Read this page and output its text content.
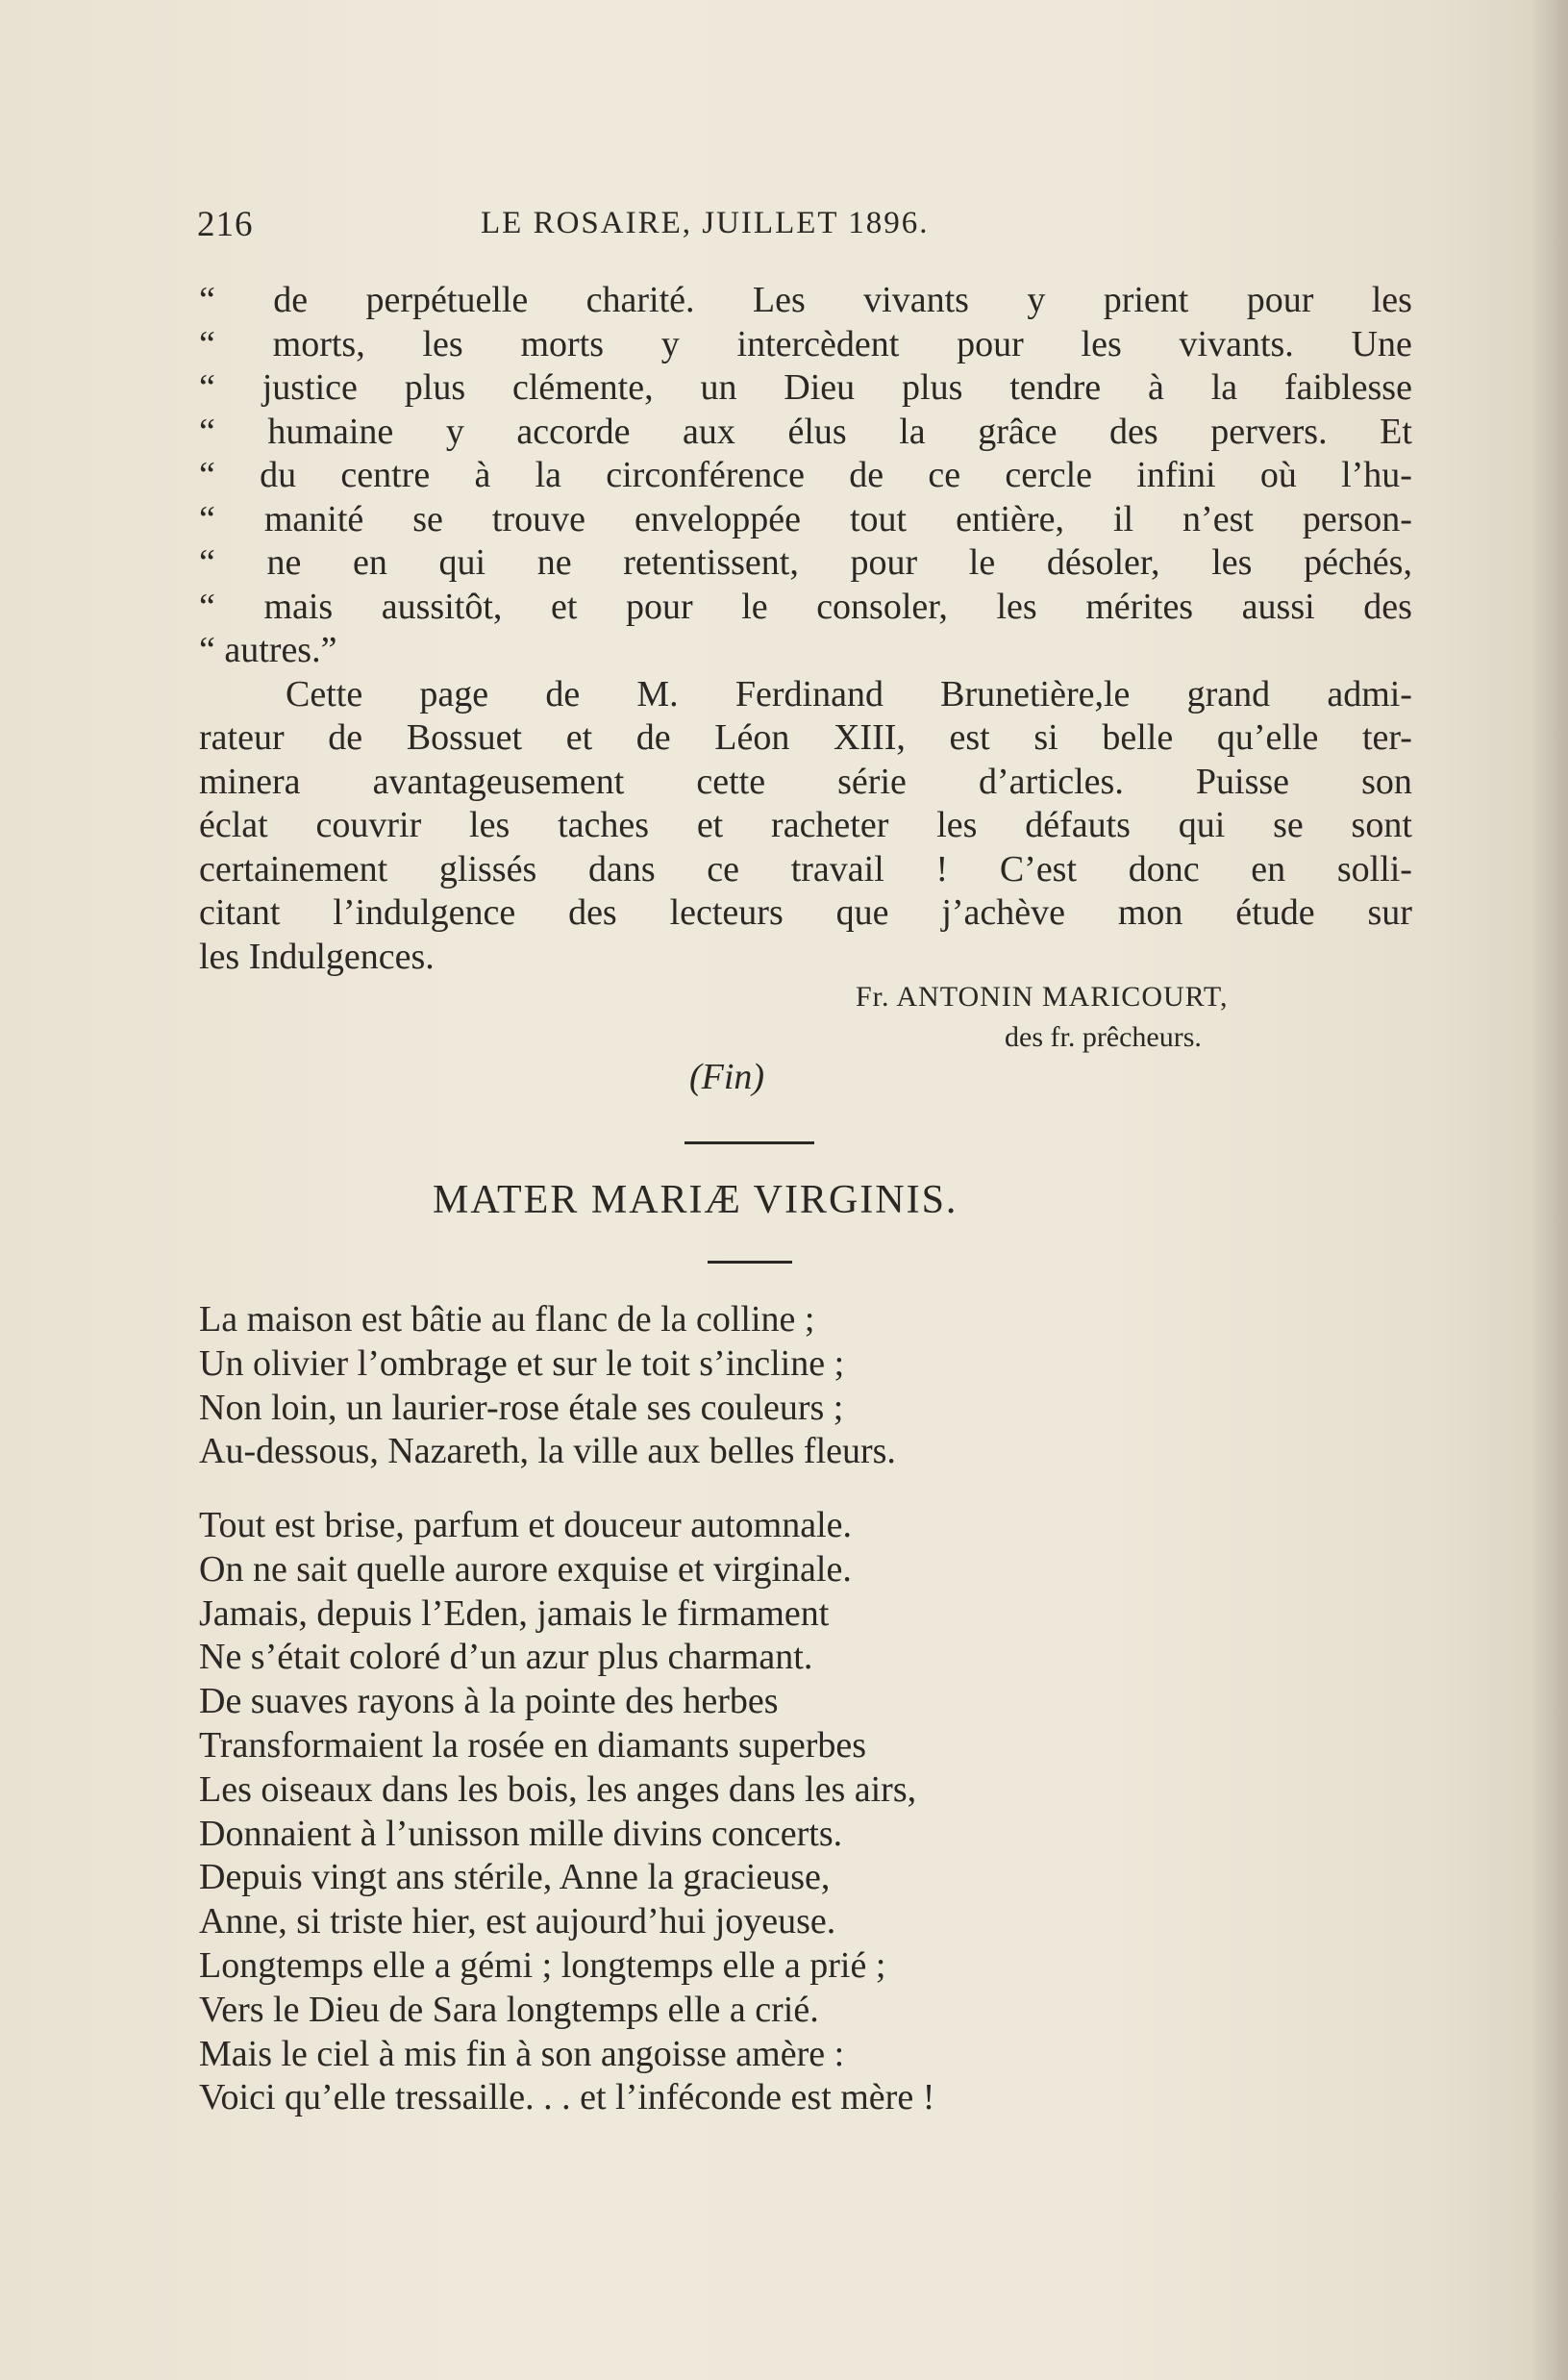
216	LE ROSAIRE, JUILLET 1896.
“ de perpétuelle charité. Les vivants y prient pour les
“ morts, les morts y intercèdent pour les vivants. Une
“ justice plus clémente, un Dieu plus tendre à la faiblesse
“ humaine y accorde aux élus la grâce des pervers. Et
“ du centre à la circonférence de ce cercle infini où l’hu-
“ manité se trouve enveloppée tout entière, il n’est person-
“ ne en qui ne retentissent, pour le désoler, les péchés,
“ mais aussitôt, et pour le consoler, les mérites aussi des
“ autres.”
Cette page de M. Ferdinand Brunetière,le grand admi-
rateur de Bossuet et de Léon XIII, est si belle qu’elle ter-
minera avantageusement cette série d’articles. Puisse son
éclat couvrir les taches et racheter les défauts qui se sont
certainement glissés dans ce travail ! C’est donc en solli-
citant l’indulgence des lecteurs que j’achève mon étude sur
les Indulgences.
Fr. ANTONIN MARICOURT,
des fr. prêcheurs.
(Fin)
MATER MARIÆ VIRGINIS.
La maison est bâtie au flanc de la colline ;
Un olivier l’ombrage et sur le toit s’incline ;
Non loin, un laurier-rose étale ses couleurs ;
Au-dessous, Nazareth, la ville aux belles fleurs.
Tout est brise, parfum et douceur automnale.
On ne sait quelle aurore exquise et virginale.
Jamais, depuis l’Eden, jamais le firmament
Ne s’était coloré d’un azur plus charmant.
De suaves rayons à la pointe des herbes
Transformaient la rosée en diamants superbes
Les oiseaux dans les bois, les anges dans les airs,
Donnaient à l’unisson mille divins concerts.
Depuis vingt ans stérile, Anne la gracieuse,
Anne, si triste hier, est aujourd’hui joyeuse.
Longtemps elle a gémi ; longtemps elle a prié ;
Vers le Dieu de Sara longtemps elle a crié.
Mais le ciel à mis fin à son angoisse amère :
Voici qu’elle tressaille. . . et l’inféconde est mère !
